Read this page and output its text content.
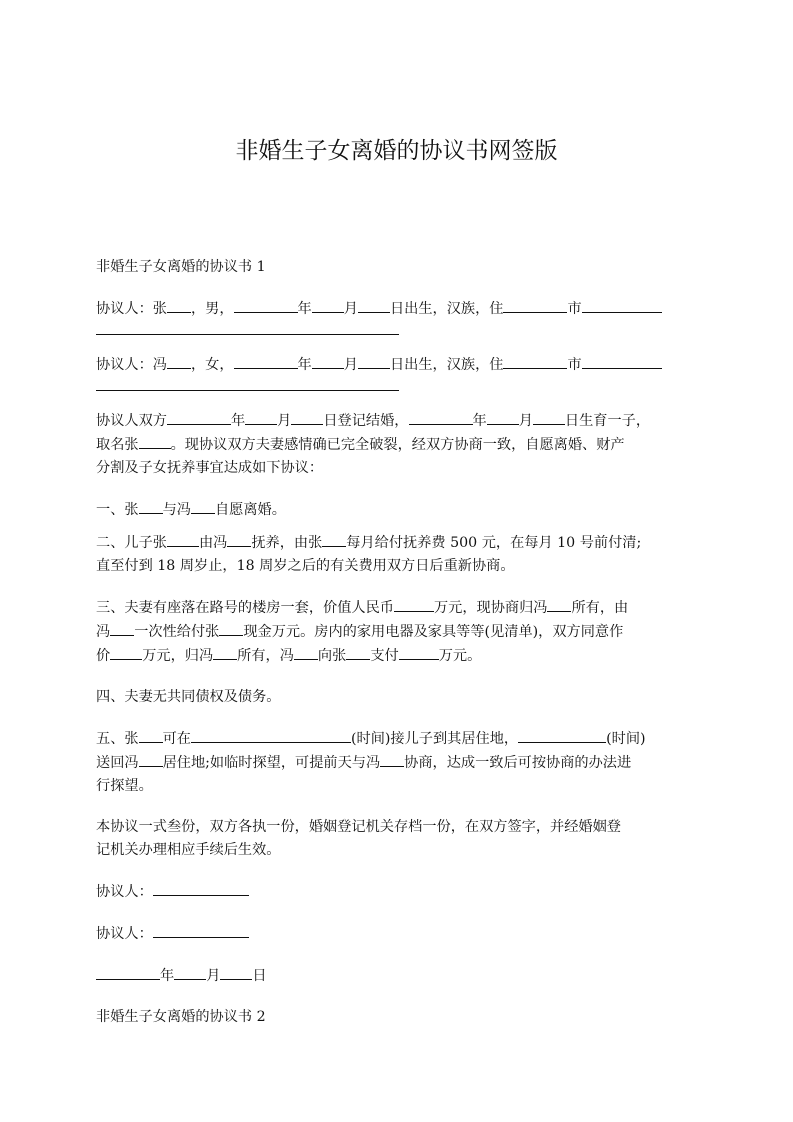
非婚生子女离婚的协议书网签版

非婚生子女离婚的协议书 1

协议人：张 ，男，	年 月 日出生，汉族，住	市

协议人：冯 ，女，	年 月 日出生，汉族，住	市

协议人双方	年 月 日登记结婚，	年 月 日生育一子，
取名张 。现协议双方夫妻感情确已完全破裂，经双方协商一致，自愿离婚、财产
分割及子女抚养事宜达成如下协议：

一、张 与冯 自愿离婚。

二、儿子张 由冯 抚养，由张 每月给付抚养费 500 元，在每月 10 号前付清;
直至付到 18 周岁止，18 周岁之后的有关费用双方日后重新协商。

三、夫妻有座落在路号的楼房一套，价值人民币	万元，现协商归冯 所有，由
冯 一次性给付张 现金万元。房内的家用电器及家具等等(见清单)，双方同意作
价 万元，归冯 所有，冯 向张 支付	万元。

四、夫妻无共同债权及债务。

五、张 可在	(时间)接儿子到其居住地，	(时间)
送回冯 居住地;如临时探望，可提前天与冯 协商，达成一致后可按协商的办法进
行探望。

本协议一式叁份，双方各执一份，婚姻登记机关存档一份，在双方签字，并经婚姻登
记机关办理相应手续后生效。

协议人：

协议人：

年 月 日

非婚生子女离婚的协议书 2
